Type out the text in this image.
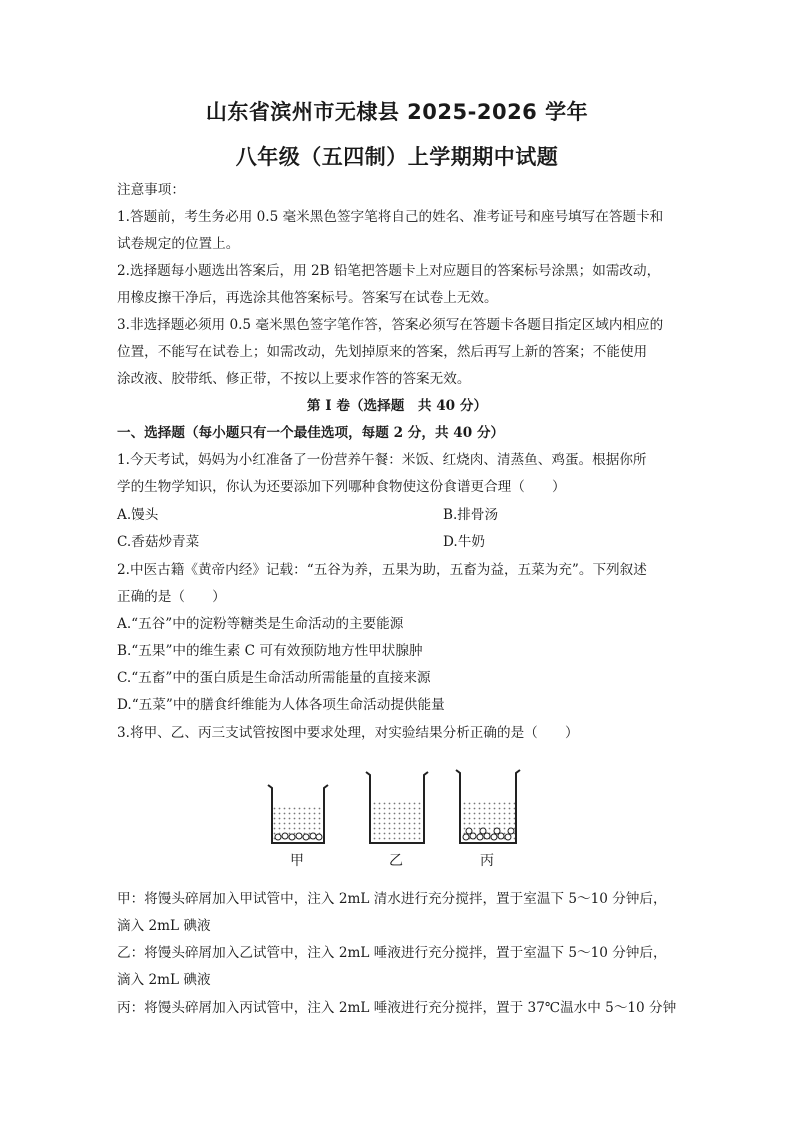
山东省滨州市无棣县 2025-2026 学年
八年级（五四制）上学期期中试题
注意事项：
1.答题前，考生务必用 0.5 毫米黑色签字笔将自己的姓名、准考证号和座号填写在答题卡和
试卷规定的位置上。
2.选择题每小题选出答案后，用 2B 铅笔把答题卡上对应题目的答案标号涂黑；如需改动，
用橡皮擦干净后，再选涂其他答案标号。答案写在试卷上无效。
3.非选择题必须用 0.5 毫米黑色签字笔作答，答案必须写在答题卡各题目指定区域内相应的
位置，不能写在试卷上；如需改动，先划掉原来的答案，然后再写上新的答案；不能使用
涂改液、胶带纸、修正带，不按以上要求作答的答案无效。
第 I 卷（选择题　共 40 分）
一、选择题（每小题只有一个最佳选项，每题 2 分，共 40 分）
1.今天考试，妈妈为小红准备了一份营养午餐：米饭、红烧肉、清蒸鱼、鸡蛋。根据你所
学的生物学知识，你认为还要添加下列哪种食物使这份食谱更合理（　　）
A.馒头	B.排骨汤
C.香菇炒青菜	D.牛奶
2.中医古籍《黄帝内经》记载：“五谷为养，五果为助，五畜为益，五菜为充”。下列叙述
正确的是（　　）
A.“五谷”中的淀粉等糖类是生命活动的主要能源
B.“五果”中的维生素 C 可有效预防地方性甲状腺肿
C.“五畜”中的蛋白质是生命活动所需能量的直接来源
D.“五菜”中的膳食纤维能为人体各项生命活动提供能量
3.将甲、乙、丙三支试管按图中要求处理，对实验结果分析正确的是（　　）
甲	乙	丙
甲：将馒头碎屑加入甲试管中，注入 2mL 清水进行充分搅拌，置于室温下 5～10 分钟后，
滴入 2mL 碘液
乙：将馒头碎屑加入乙试管中，注入 2mL 唾液进行充分搅拌，置于室温下 5～10 分钟后，
滴入 2mL 碘液
丙：将馒头碎屑加入丙试管中，注入 2mL 唾液进行充分搅拌，置于 37℃温水中 5～10 分钟
